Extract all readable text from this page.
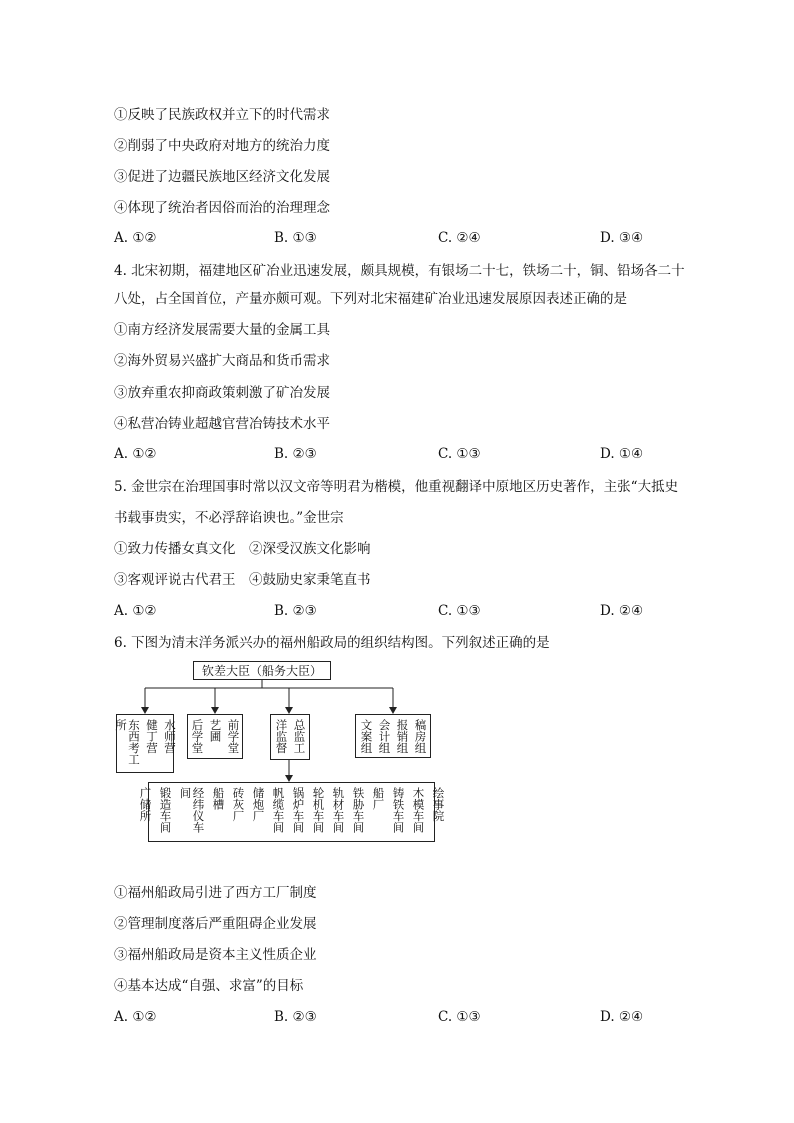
①反映了民族政权并立下的时代需求
②削弱了中央政府对地方的统治力度
③促进了边疆民族地区经济文化发展
④体现了统治者因俗而治的治理理念
A. ①②	B. ①③	C. ②④	D. ③④
4. 北宋初期，福建地区矿冶业迅速发展，颇具规模，有银场二十七，铁场二十，铜、铅场各二十
八处，占全国首位，产量亦颇可观。下列对北宋福建矿冶业迅速发展原因表述正确的是
①南方经济发展需要大量的金属工具
②海外贸易兴盛扩大商品和货币需求
③放弃重农抑商政策刺激了矿冶发展
④私营冶铸业超越官营冶铸技术水平
A. ①②	B. ②③	C. ①③	D. ①④
5. 金世宗在治理国事时常以汉文帝等明君为楷模，他重视翻译中原地区历史著作，主张“大抵史
书载事贵实，不必浮辞谄谀也。”金世宗
①致力传播女真文化　②深受汉族文化影响
③客观评说古代君王　④鼓励史家秉笔直书
A. ①②	B. ②③	C. ①③	D. ②④
6. 下图为清末洋务派兴办的福州船政局的组织结构图。下列叙述正确的是
钦差大臣（船务大臣）
水师营
健丁营
东西考工所	前学堂
艺圃
后学堂	总监工
洋监督	稿房组
报销组
会计组
文案组
绘事院
木模车间
铸铁车间
船厂
铁胁车间
轨材车间
轮机车间
锅炉车间
帆缆车间
储炮厂
砖灰厂
船槽
经纬仪车间
锻造车间
广储所
①福州船政局引进了西方工厂制度
②管理制度落后严重阻碍企业发展
③福州船政局是资本主义性质企业
④基本达成“自强、求富”的目标
A. ①②	B. ②③	C. ①③	D. ②④
